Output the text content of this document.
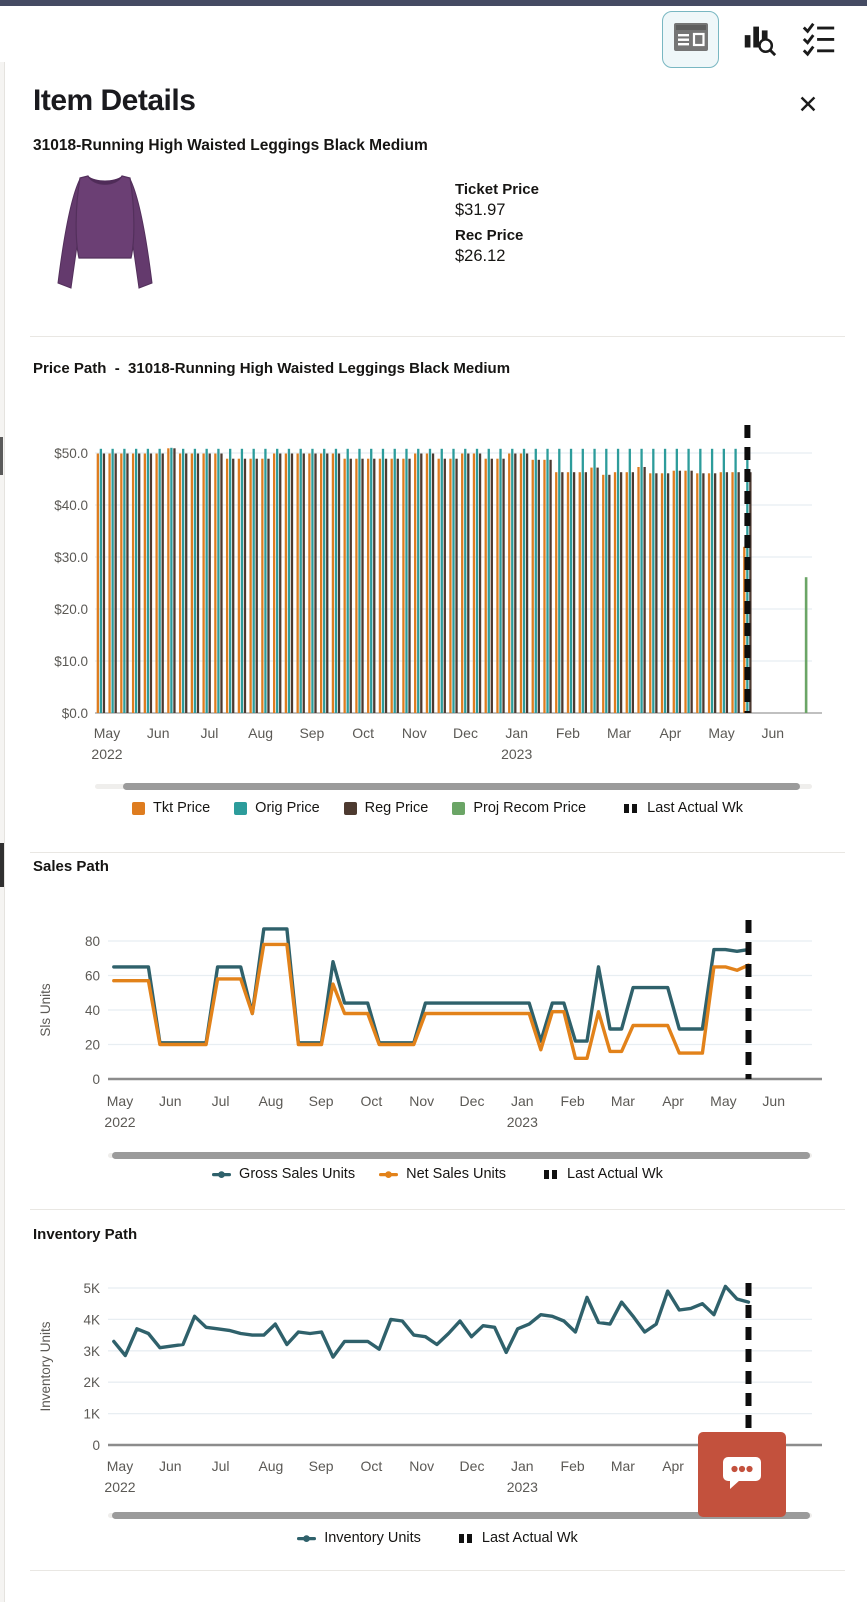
✕
Item Details
31018-Running High Waisted Leggings Black Medium
Ticket Price
$31.97
Rec Price
$26.12
Price Path  -  31018-Running High Waisted Leggings Black Medium
$0.0
$10.0
$20.0
$30.0
$40.0
$50.0
May Jun Jul Aug Sep Oct Nov Dec Jan Feb Mar Apr May Jun
2022	2023
Tkt Price	Orig Price	Reg Price	Proj Recom Price	Last Actual Wk
Sales Path
0
20
40
60
80
May Jun Jul Aug Sep Oct Nov Dec Jan Feb Mar Apr May Jun
2022	2023
Sls Units
Gross Sales Units	Net Sales Units	Last Actual Wk
Inventory Path
0
1K
2K
3K
4K
5K
May Jun Jul Aug Sep Oct Nov Dec Jan Feb Mar Apr
2022	2023
Inventory Units
Inventory Units	Last Actual Wk
